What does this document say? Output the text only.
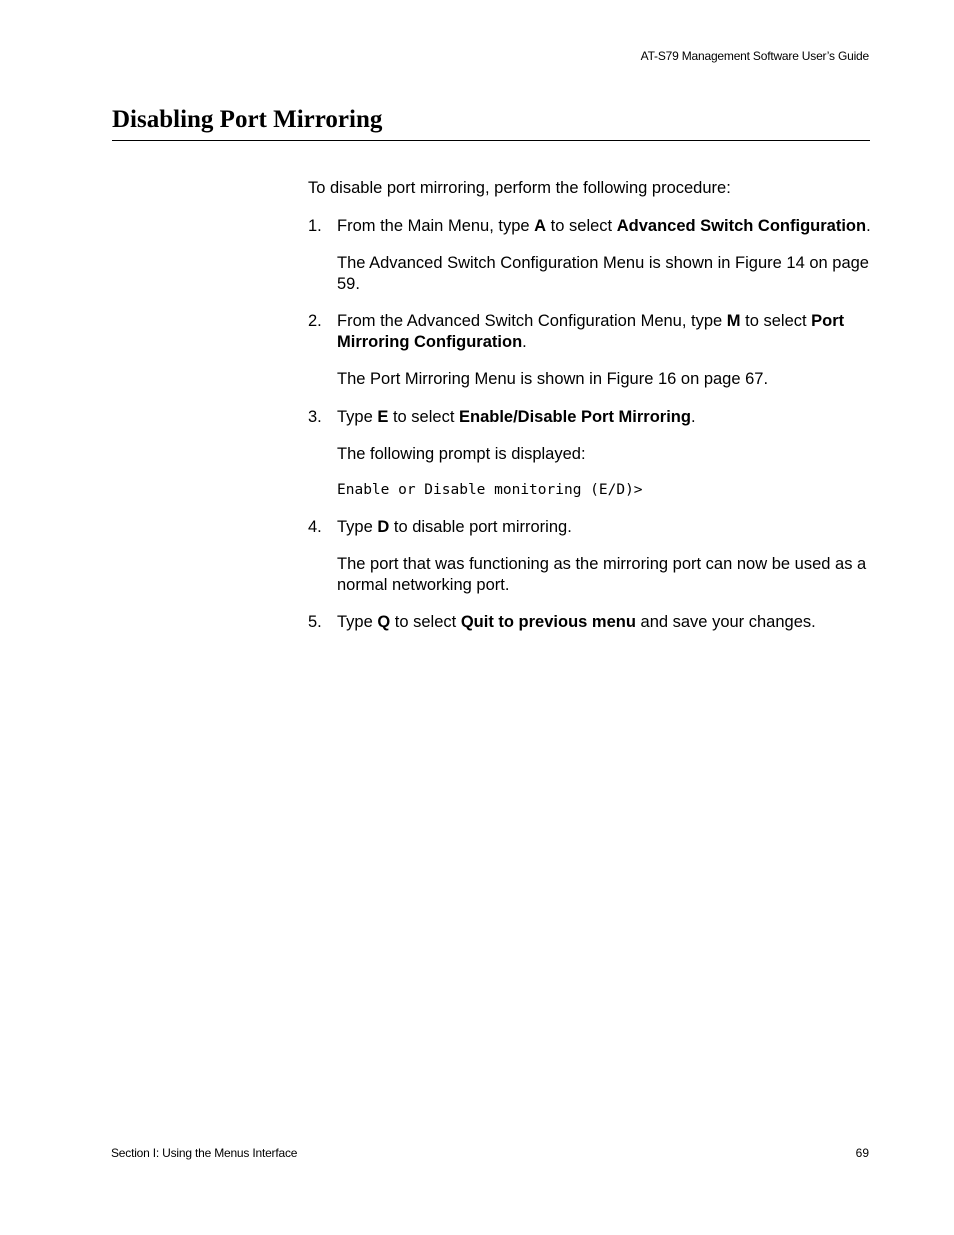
AT-S79 Management Software User’s Guide
Disabling Port Mirroring

To disable port mirroring, perform the following procedure:

1. From the Main Menu, type A to select Advanced Switch Configuration.

The Advanced Switch Configuration Menu is shown in Figure 14 on page 59.

2. From the Advanced Switch Configuration Menu, type M to select Port Mirroring Configuration.

The Port Mirroring Menu is shown in Figure 16 on page 67.

3. Type E to select Enable/Disable Port Mirroring.

The following prompt is displayed:

Enable or Disable monitoring (E/D)>
4. Type D to disable port mirroring.

The port that was functioning as the mirroring port can now be used as a normal networking port.

5. Type Q to select Quit to previous menu and save your changes.

Section I: Using the Menus Interface	69
